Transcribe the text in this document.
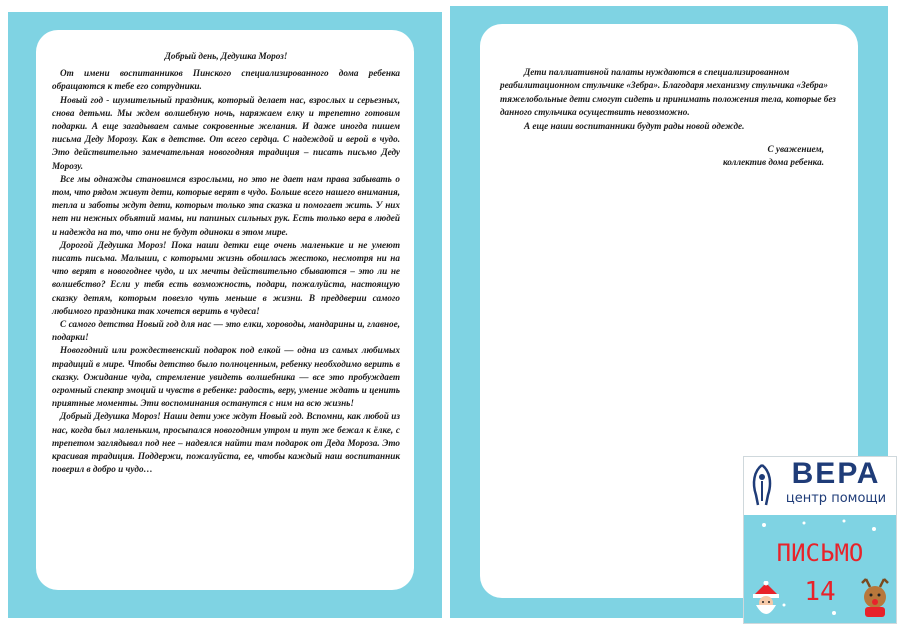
Добрый день, Дедушка Мороз!

От имени воспитанников Пинского специализированного дома ребенка обращаются к тебе его сотрудники.

Новый год - шумительный праздник, который делает нас, взрослых и серьезных, снова детьми. Мы ждем волшебную ночь, наряжаем елку и трепетно готовим подарки. А еще загадываем самые сокровенные желания. И даже иногда пишем письма Деду Морозу. Как в детстве. От всего сердца. С надеждой и верой в чудо. Это действительно замечательная новогодняя традиция – писать письмо Деду Морозу.

Все мы однажды становимся взрослыми, но это не дает нам права забывать о том, что рядом живут дети, которые верят в чудо. Больше всего нашего внимания, тепла и заботы ждут дети, которым только эта сказка и помогает жить. У них нет ни нежных объятий мамы, ни папиных сильных рук. Есть только вера в людей и надежда на то, что они не будут одиноки в этом мире.

Дорогой Дедушка Мороз! Пока наши детки еще очень маленькие и не умеют писать письма. Малыши, с которыми жизнь обошлась жестоко, несмотря ни на что верят в новогоднее чудо, и их мечты действительно сбываются – это ли не волшебство? Если у тебя есть возможность, подари, пожалуйста, настоящую сказку детям, которым повезло чуть меньше в жизни. В преддверии самого любимого праздника так хочется верить в чудеса!

С самого детства Новый год для нас — это елки, хороводы, мандарины и, главное, подарки!

Новогодний или рождественский подарок под елкой — одна из самых любимых традиций в мире. Чтобы детство было полноценным, ребенку необходимо верить в сказку. Ожидание чуда, стремление увидеть волшебника — все это пробуждает огромный спектр эмоций и чувств в ребенке: радость, веру, умение ждать и ценить приятные моменты. Эти воспоминания останутся с ним на всю жизнь!

Добрый Дедушка Мороз! Наши дети уже ждут Новый год. Вспомни, как любой из нас, когда был маленьким, просыпался новогодним утром и тут же бежал к ёлке, с трепетом заглядывал под нее – надеялся найти там подарок от Деда Мороза. Это красивая традиция. Поддержи, пожалуйста, ее, чтобы каждый наш воспитанник поверил в добро и чудо…

Дети паллиативной палаты нуждаются в специализированном реабилитационном стульчике «Зебра». Благодаря механизму стульчика «Зебра» тяжелобольные дети смогут сидеть и принимать положения тела, которые без данного стульчика осуществить невозможно.

А еще наши воспитанники будут рады новой одежде.

С уважением,
коллектив дома ребенка.
ВЕРА
центр помощи
ПИСЬМО
14
